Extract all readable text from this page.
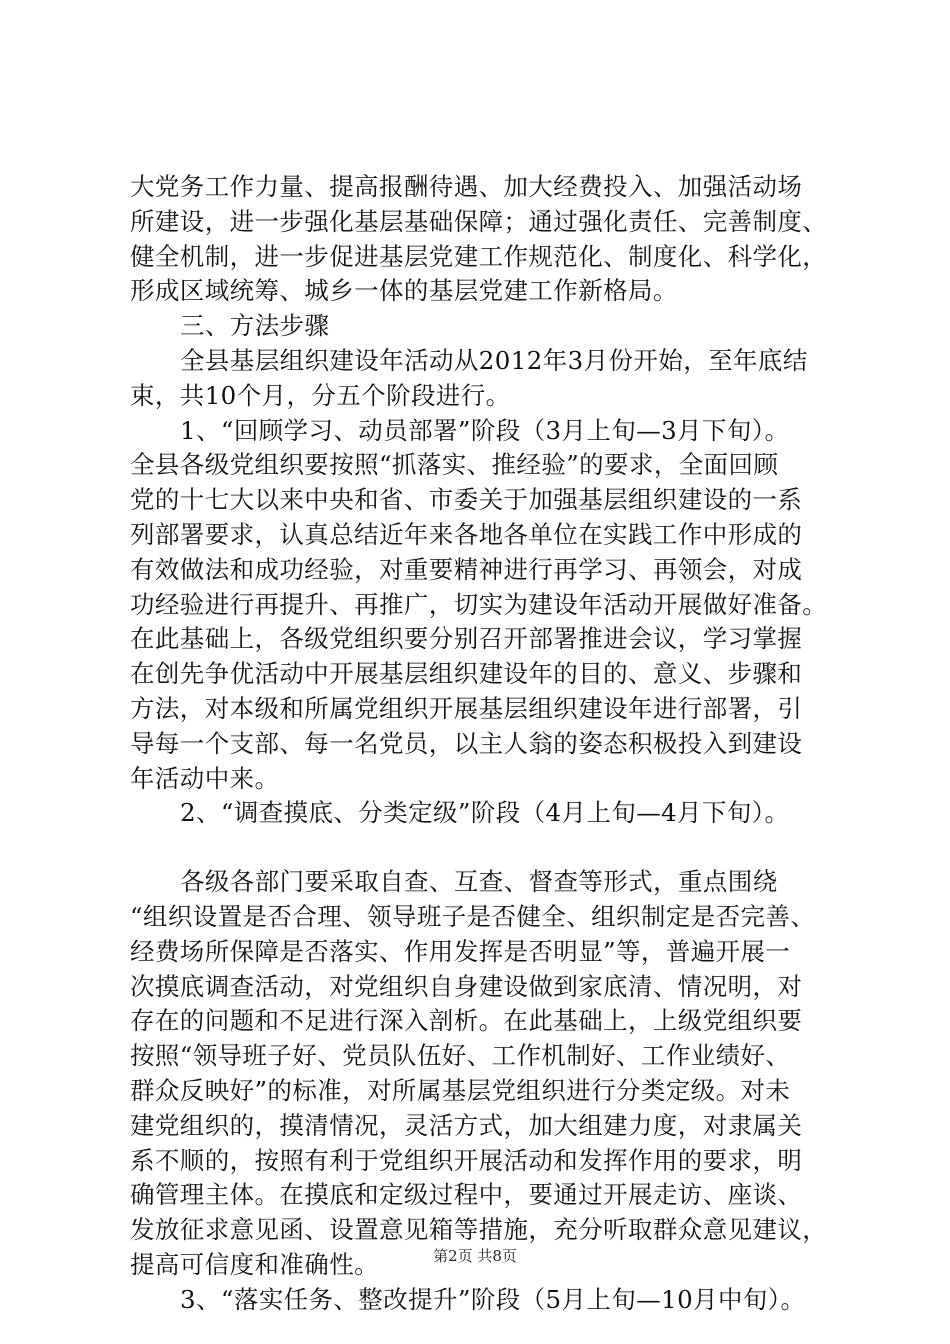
大党务工作力量、提高报酬待遇、加大经费投入、加强活动场
所建设，进一步强化基层基础保障；通过强化责任、完善制度、
健全机制，进一步促进基层党建工作规范化、制度化、科学化，
形成区域统筹、城乡一体的基层党建工作新格局。
三、方法步骤
全县基层组织建设年活动从2012年3月份开始，至年底结
束，共10个月，分五个阶段进行。
1、“回顾学习、动员部署”阶段（3月上旬—3月下旬）。
全县各级党组织要按照“抓落实、推经验”的要求，全面回顾
党的十七大以来中央和省、市委关于加强基层组织建设的一系
列部署要求，认真总结近年来各地各单位在实践工作中形成的
有效做法和成功经验，对重要精神进行再学习、再领会，对成
功经验进行再提升、再推广，切实为建设年活动开展做好准备。
在此基础上，各级党组织要分别召开部署推进会议，学习掌握
在创先争优活动中开展基层组织建设年的目的、意义、步骤和
方法，对本级和所属党组织开展基层组织建设年进行部署，引
导每一个支部、每一名党员，以主人翁的姿态积极投入到建设
年活动中来。
2、“调查摸底、分类定级”阶段（4月上旬—4月下旬）。
各级各部门要采取自查、互查、督查等形式，重点围绕
“组织设置是否合理、领导班子是否健全、组织制定是否完善、
经费场所保障是否落实、作用发挥是否明显”等，普遍开展一
次摸底调查活动，对党组织自身建设做到家底清、情况明，对
存在的问题和不足进行深入剖析。在此基础上，上级党组织要
按照“领导班子好、党员队伍好、工作机制好、工作业绩好、
群众反映好”的标准，对所属基层党组织进行分类定级。对未
建党组织的，摸清情况，灵活方式，加大组建力度，对隶属关
系不顺的，按照有利于党组织开展活动和发挥作用的要求，明
确管理主体。在摸底和定级过程中，要通过开展走访、座谈、
发放征求意见函、设置意见箱等措施，充分听取群众意见建议，
提高可信度和准确性。
3、“落实任务、整改提升”阶段（5月上旬—10月中旬）。
第2页 共8页
